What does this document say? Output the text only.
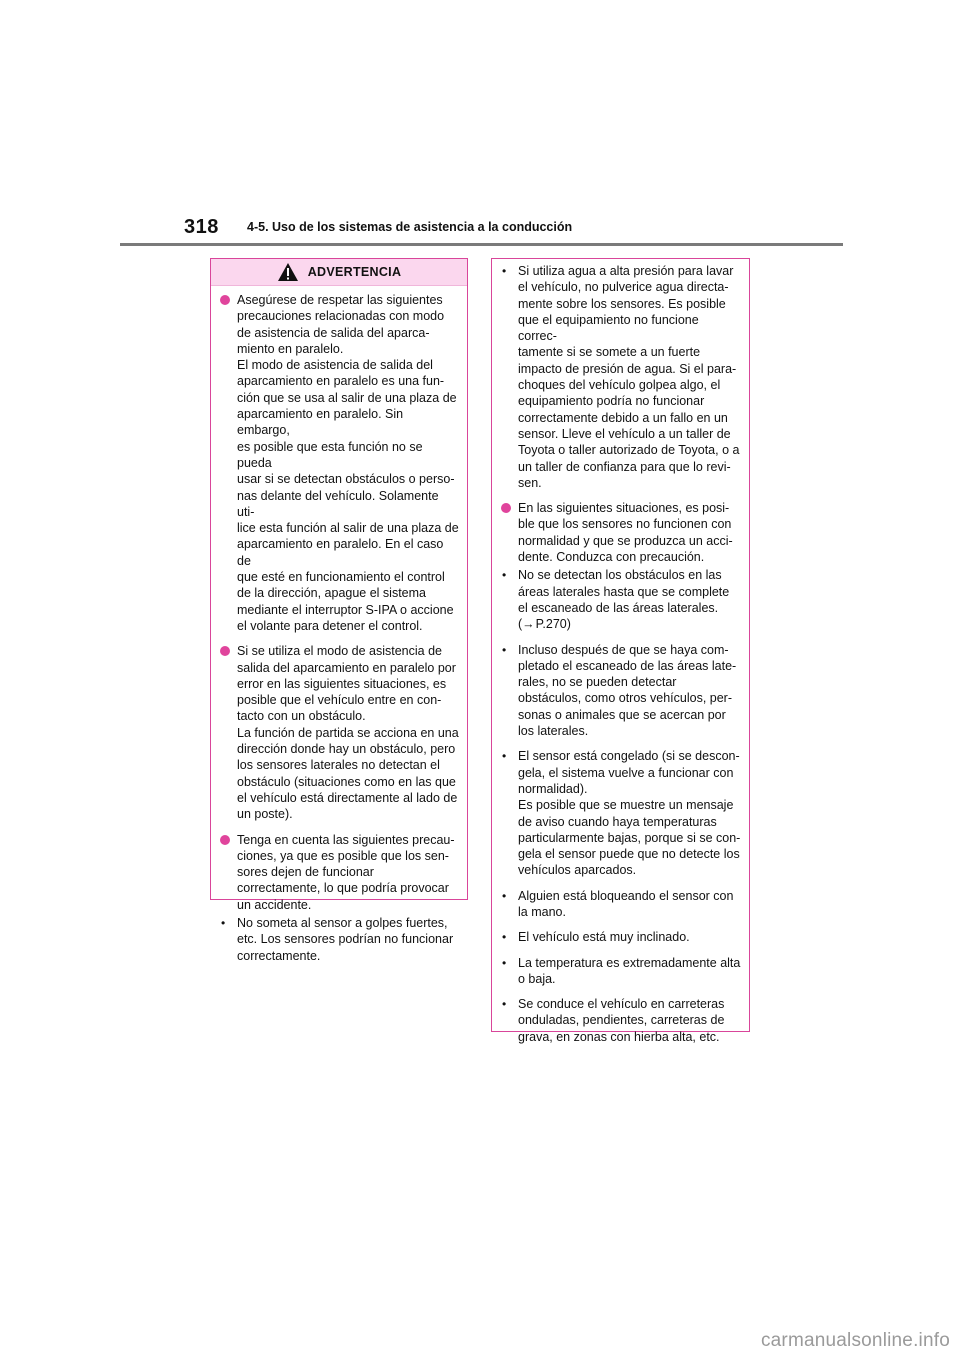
318 4-5. Uso de los sistemas de asistencia a la conducción
ADVERTENCIA
Asegúrese de respetar las siguientes
precauciones relacionadas con modo
de asistencia de salida del aparca-
miento en paralelo.
El modo de asistencia de salida del
aparcamiento en paralelo es una fun-
ción que se usa al salir de una plaza de
aparcamiento en paralelo. Sin embargo,
es posible que esta función no se pueda
usar si se detectan obstáculos o perso-
nas delante del vehículo. Solamente uti-
lice esta función al salir de una plaza de
aparcamiento en paralelo. En el caso de
que esté en funcionamiento el control
de la dirección, apague el sistema
mediante el interruptor S-IPA o accione
el volante para detener el control.
Si se utiliza el modo de asistencia de
salida del aparcamiento en paralelo por
error en las siguientes situaciones, es
posible que el vehículo entre en con-
tacto con un obstáculo.
La función de partida se acciona en una
dirección donde hay un obstáculo, pero
los sensores laterales no detectan el
obstáculo (situaciones como en las que
el vehículo está directamente al lado de
un poste).
Tenga en cuenta las siguientes precau-
ciones, ya que es posible que los sen-
sores dejen de funcionar
correctamente, lo que podría provocar
un accidente.
• No someta al sensor a golpes fuertes,
etc. Los sensores podrían no funcionar
correctamente.
• Si utiliza agua a alta presión para lavar
el vehículo, no pulverice agua directa-
mente sobre los sensores. Es posible
que el equipamiento no funcione correc-
tamente si se somete a un fuerte
impacto de presión de agua. Si el para-
choques del vehículo golpea algo, el
equipamiento podría no funcionar
correctamente debido a un fallo en un
sensor. Lleve el vehículo a un taller de
Toyota o taller autorizado de Toyota, o a
un taller de confianza para que lo revi-
sen.
En las siguientes situaciones, es posi-
ble que los sensores no funcionen con
normalidad y que se produzca un acci-
dente. Conduzca con precaución.
• No se detectan los obstáculos en las
áreas laterales hasta que se complete
el escaneado de las áreas laterales.
(→P.270)
• Incluso después de que se haya com-
pletado el escaneado de las áreas late-
rales, no se pueden detectar
obstáculos, como otros vehículos, per-
sonas o animales que se acercan por
los laterales.
• El sensor está congelado (si se descon-
gela, el sistema vuelve a funcionar con
normalidad).
Es posible que se muestre un mensaje
de aviso cuando haya temperaturas
particularmente bajas, porque si se con-
gela el sensor puede que no detecte los
vehículos aparcados.
• Alguien está bloqueando el sensor con
la mano.
• El vehículo está muy inclinado.
• La temperatura es extremadamente alta
o baja.
• Se conduce el vehículo en carreteras
onduladas, pendientes, carreteras de
grava, en zonas con hierba alta, etc.
carmanualsonline.info
